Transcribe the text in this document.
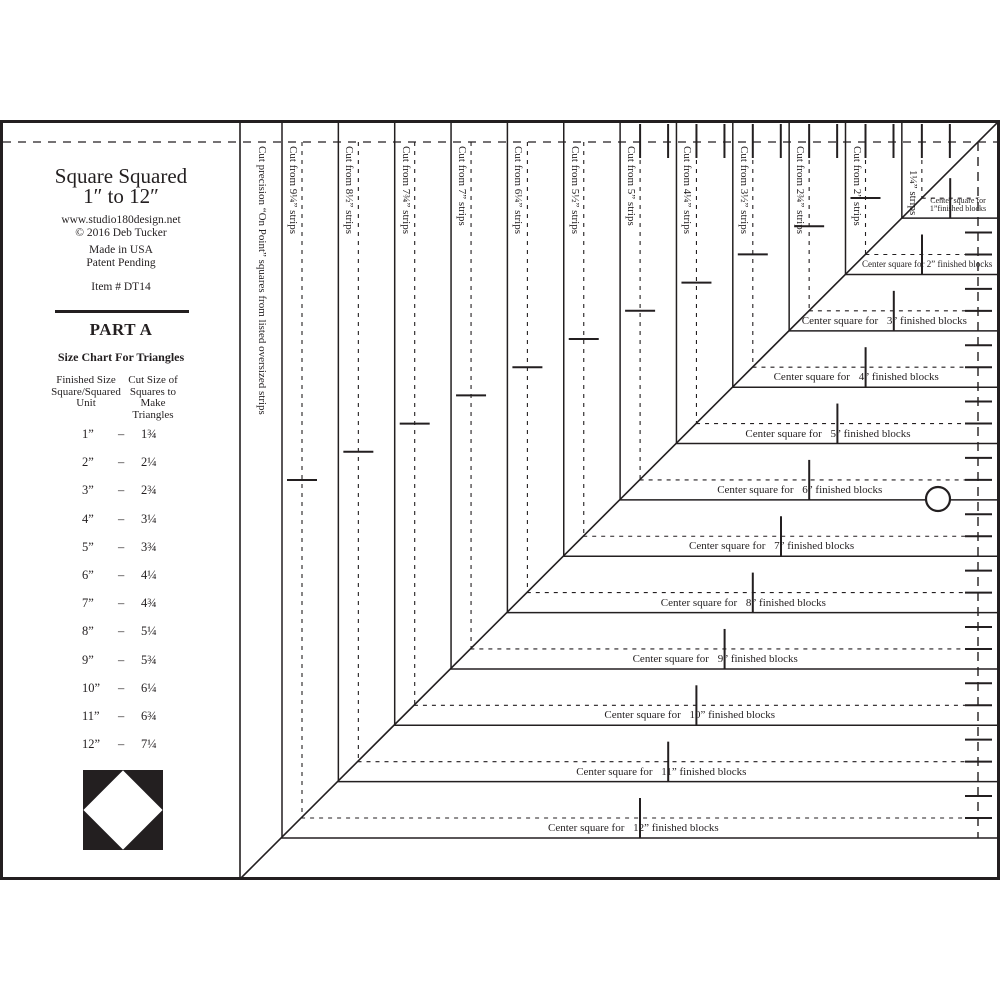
Square Squared
1″ to 12″
www.studio180design.net
© 2016 Deb Tucker
Made in USA
Patent Pending
Item # DT14
PART A
Size Chart For Triangles
Finished Size Square/Squared Unit
Cut Size of Squares to Make Triangles
1”	– 1¾
2”	– 2¼
3”	– 2¾
4”	– 3¼
5”	– 3¾
6”	– 4¼
7”	– 4¾
8”	– 5¼
9”	– 5¾
10”	– 6¼
11”	– 6¾
12”	– 7¼
Cut from 9¼” strips
Center square for 12” finished blocks
Cut from 8½” strips
Center square for 11” finished blocks
Cut from 7¾” strips
Center square for 10” finished blocks
Cut from 7” strips
Center square for 9” finished blocks
Cut from 6¼” strips
Center square for 8” finished blocks
Cut from 5½” strips
Center square for 7” finished blocks
Cut from 5” strips
Center square for 6” finished blocks
Cut from 4¼” strips
Center square for 5” finished blocks
Cut from 3½” strips
Center square for 4” finished blocks
Cut from 2¾” strips
Center square for 3” finished blocks
Cut from 2” strips
Center square for 2” finished blocks
1¼” strips	Center square for
1”finished blocks
Cut precision “On Point” squares from listed oversized strips
